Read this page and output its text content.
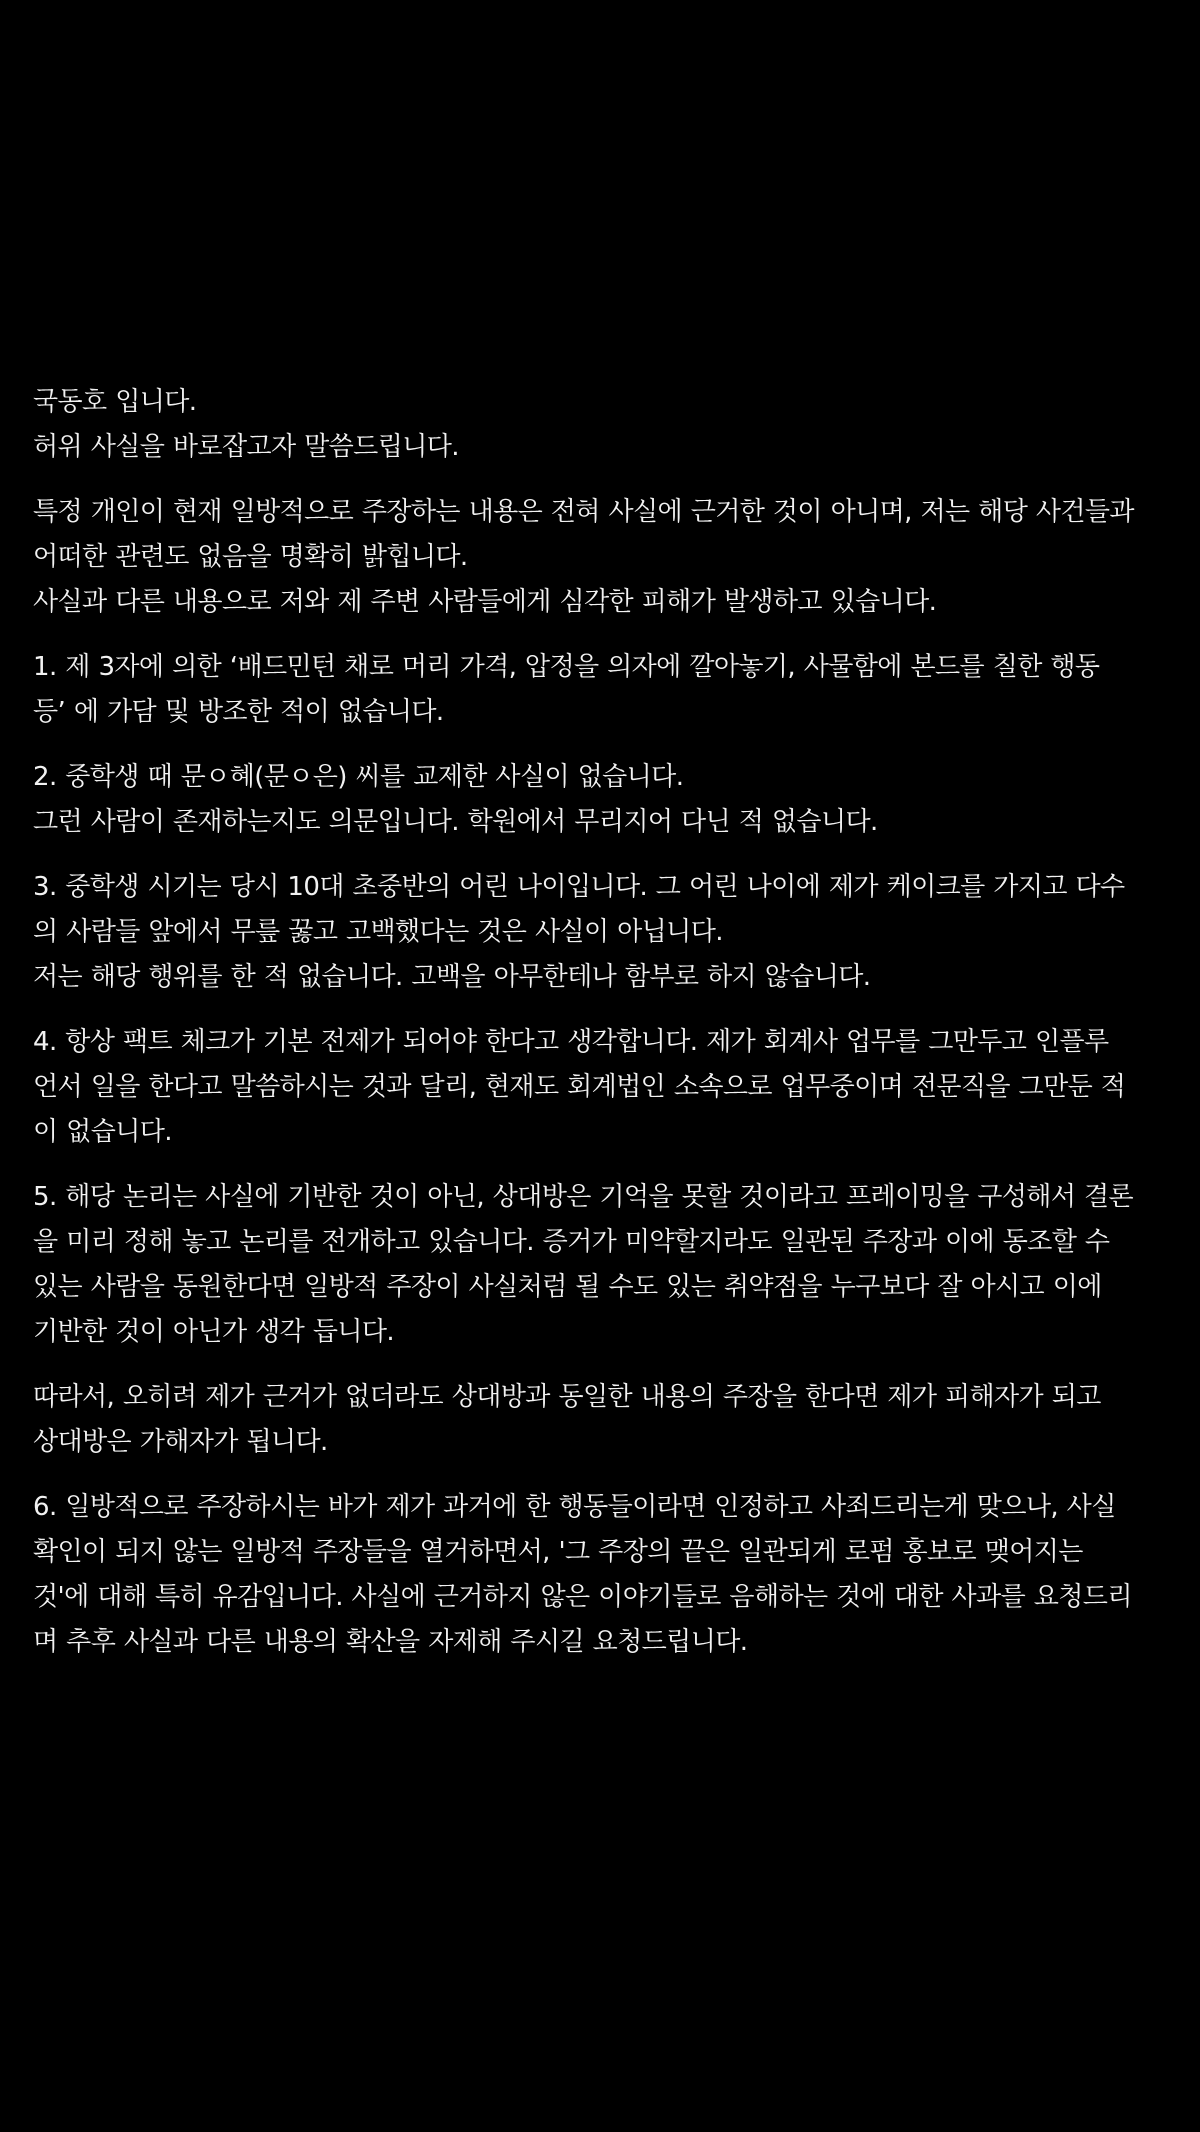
국동호 입니다.
허위 사실을 바로잡고자 말씀드립니다.

특정 개인이 현재 일방적으로 주장하는 내용은 전혀 사실에 근거한 것이 아니며, 저는 해당 사건들과
어떠한 관련도 없음을 명확히 밝힙니다.
사실과 다른 내용으로 저와 제 주변 사람들에게 심각한 피해가 발생하고 있습니다.

1. 제 3자에 의한 ‘배드민턴 채로 머리 가격, 압정을 의자에 깔아놓기, 사물함에 본드를 칠한 행동
등’ 에 가담 및 방조한 적이 없습니다.

2. 중학생 때 문ㅇ혜(문ㅇ은) 씨를 교제한 사실이 없습니다.
그런 사람이 존재하는지도 의문입니다. 학원에서 무리지어 다닌 적 없습니다.

3. 중학생 시기는 당시 10대 초중반의 어린 나이입니다. 그 어린 나이에 제가 케이크를 가지고 다수
의 사람들 앞에서 무릎 꿇고 고백했다는 것은 사실이 아닙니다.
저는 해당 행위를 한 적 없습니다. 고백을 아무한테나 함부로 하지 않습니다.

4. 항상 팩트 체크가 기본 전제가 되어야 한다고 생각합니다. 제가 회계사 업무를 그만두고 인플루
언서 일을 한다고 말씀하시는 것과 달리, 현재도 회계법인 소속으로 업무중이며 전문직을 그만둔 적
이 없습니다.

5. 해당 논리는 사실에 기반한 것이 아닌, 상대방은 기억을 못할 것이라고 프레이밍을 구성해서 결론
을 미리 정해 놓고 논리를 전개하고 있습니다. 증거가 미약할지라도 일관된 주장과 이에 동조할 수
있는 사람을 동원한다면 일방적 주장이 사실처럼 될 수도 있는 취약점을 누구보다 잘 아시고 이에
기반한 것이 아닌가 생각 듭니다.

따라서, 오히려 제가 근거가 없더라도 상대방과 동일한 내용의 주장을 한다면 제가 피해자가 되고
상대방은 가해자가 됩니다.

6. 일방적으로 주장하시는 바가 제가 과거에 한 행동들이라면 인정하고 사죄드리는게 맞으나, 사실
확인이 되지 않는 일방적 주장들을 열거하면서, '그 주장의 끝은 일관되게 로펌 홍보로 맺어지는
것'에 대해 특히 유감입니다. 사실에 근거하지 않은 이야기들로 음해하는 것에 대한 사과를 요청드리
며 추후 사실과 다른 내용의 확산을 자제해 주시길 요청드립니다.
